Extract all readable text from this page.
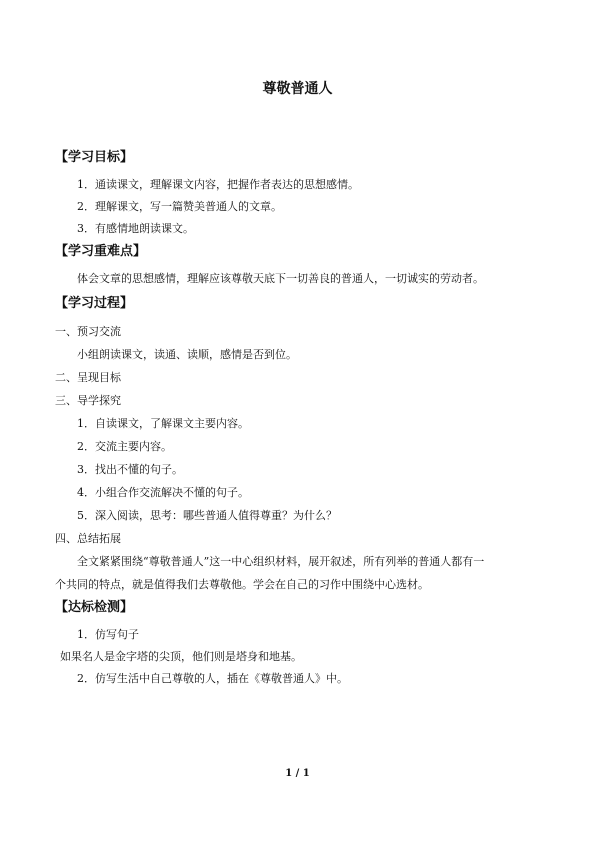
尊敬普通人
【学习目标】
1．通读课文，理解课文内容，把握作者表达的思想感情。
2．理解课文，写一篇赞美普通人的文章。
3．有感情地朗读课文。
【学习重难点】
体会文章的思想感情，理解应该尊敬天底下一切善良的普通人，一切诚实的劳动者。
【学习过程】
一、预习交流
小组朗读课文，读通、读顺，感情是否到位。
二、呈现目标
三、导学探究
1．自读课文，了解课文主要内容。
2．交流主要内容。
3．找出不懂的句子。
4．小组合作交流解决不懂的句子。
5．深入阅读，思考：哪些普通人值得尊重？为什么？
四、总结拓展
全文紧紧围绕“尊敬普通人”这一中心组织材料，展开叙述，所有列举的普通人都有一
个共同的特点，就是值得我们去尊敬他。学会在自己的习作中围绕中心选材。
【达标检测】
1．仿写句子
如果名人是金字塔的尖顶，他们则是塔身和地基。
2．仿写生活中自己尊敬的人，插在《尊敬普通人》中。
1 / 1
